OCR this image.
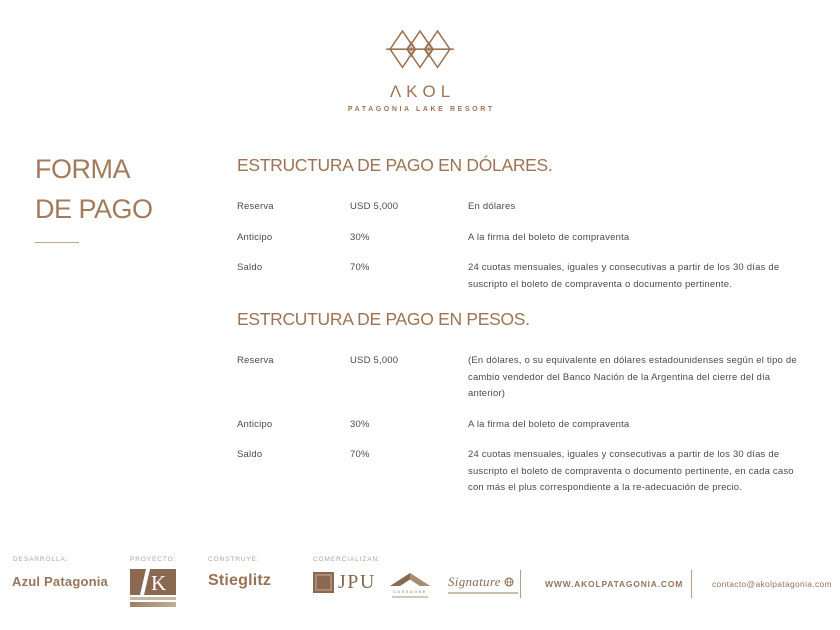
ΛKOL
PATAGONIA LAKE RESORT
FORMA
DE PAGO
ESTRUCTURA DE PAGO EN DÓLARES.
Reserva	USD 5,000	En dólares
Anticipo	30%	A la firma del boleto de compraventa
Saldo	70%	24 cuotas mensuales, iguales y consecutivas a partir de los 30 días de suscripto el boleto de compraventa o documento pertinente.
ESTRCUTURA DE PAGO EN PESOS.
Reserva	USD 5,000	(En dólares, o su equivalente en dólares estadounidenses según el tipo de cambio vendedor del Banco Nación de la Argentina del cierre del día anterior)
Anticipo	30%	A la firma del boleto de compraventa
Saldo	70%	24 cuotas mensuales, iguales y consecutivas a partir de los 30 días de suscripto el boleto de compraventa o documento pertinente, en cada caso con más el plus correspondiente a la re-adecuación de precio.
DESARROLLA:	PROYECTO:	CONSTRUYE:	COMERCIALIZAN:
Azul Patagonia K	Stieglitz	JPU	CASSAGNE
Signature	WWW.AKOLPATAGONIA.COM	contacto@akolpatagonia.com
